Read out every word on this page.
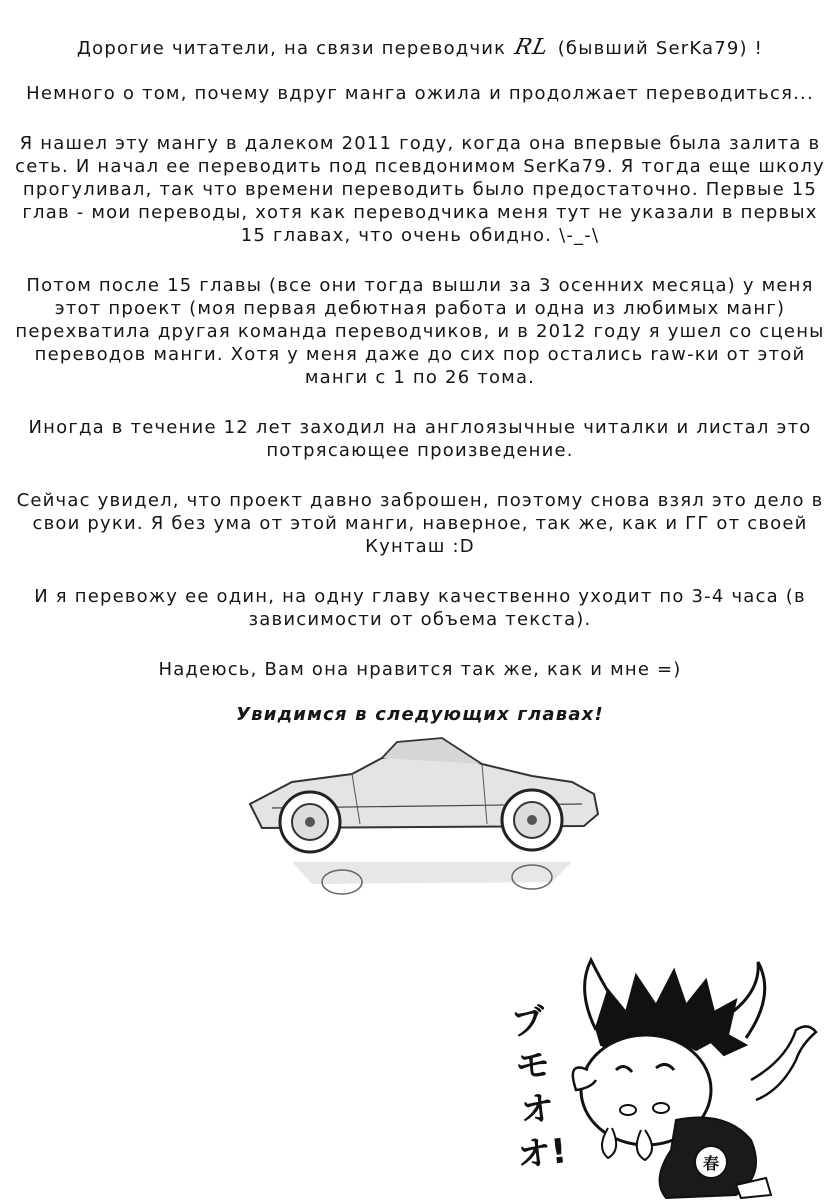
Дорогие читатели, на связи переводчик RL (бывший SerKa79) !

Немного о том, почему вдруг манга ожила и продолжает переводиться...

Я нашел эту мангу в далеком 2011 году, когда она впервые была залита в сеть. И начал ее переводить под псевдонимом SerKa79. Я тогда еще школу прогуливал, так что времени переводить было предостаточно. Первые 15 глав - мои переводы, хотя как переводчика меня тут не указали в первых 15 главах, что очень обидно. \-_-\

Потом после 15 главы (все они тогда вышли за 3 осенних месяца) у меня этот проект (моя первая дебютная работа и одна из любимых манг) перехватила другая команда переводчиков, и в 2012 году я ушел со сцены переводов манги. Хотя у меня даже до сих пор остались raw-ки от этой манги с 1 по 26 тома.

Иногда в течение 12 лет заходил на англоязычные читалки и листал это потрясающее произведение.

Сейчас увидел, что проект давно заброшен, поэтому снова взял это дело в свои руки. Я без ума от этой манги, наверное, так же, как и ГГ от своей Кунташ :D

И я перевожу ее один, на одну главу качественно уходит по 3-4 часа (в зависимости от объема текста).

Надеюсь, Вам она нравится так же, как и мне =)

ブモオオ!	春
